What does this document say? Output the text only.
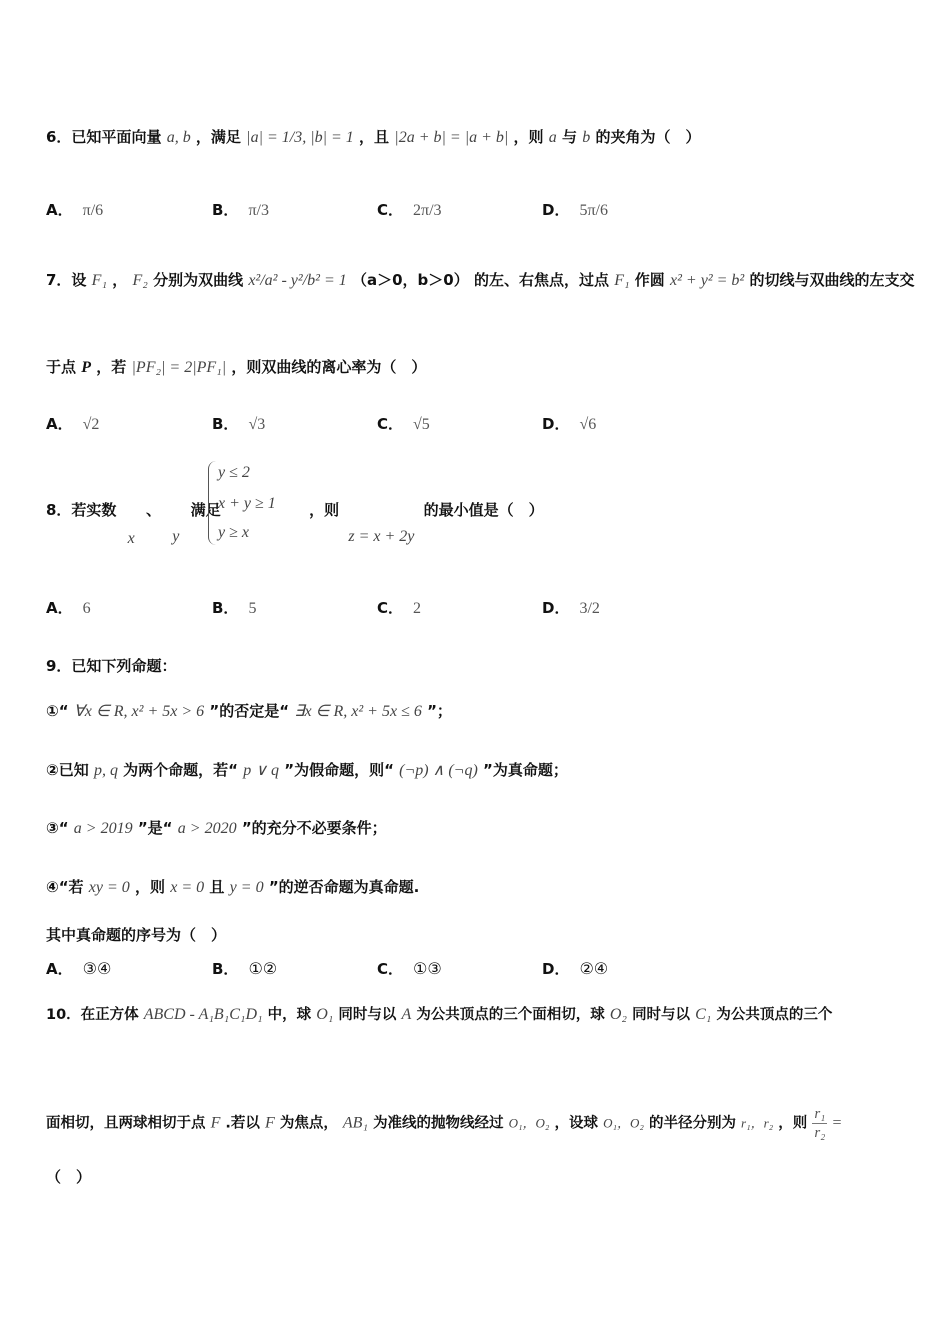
6．已知平面向量 a, b ，满足 |a| = 1/3, |b| = 1 ，且 |2a + b| = |a + b| ，则 a 与 b 的夹角为（　）
A． π/6	B． π/3	C． 2π/3	D． 5π/6
7．设 F₁ ， F₂ 分别为双曲线 x²/a² - y²/b² = 1 （a＞0，b＞0） 的左、右焦点，过点 F₁ 作圆 x² + y² = b² 的切线与双曲线的左支交
于点 P ，若 |PF₂| = 2|PF₁| ，则双曲线的离心率为（　）
A． √2	B． √3	C． √5	D． √6
8．若实数 x 、 y 满足	，则 z = x + 2y 的最小值是（　）
y ≤ 2
x + y ≥ 1
y ≥ x
A． 6	B． 5	C． 2	D． 3/2
9．已知下列命题：
①“ ∀x ∈ R, x² + 5x > 6 ”的否定是“ ∃x ∈ R, x² + 5x ≤ 6 ”；
②已知 p, q 为两个命题，若“ p ∨ q ”为假命题，则“ (¬p) ∧ (¬q) ”为真命题；
③“ a > 2019 ”是“ a > 2020 ”的充分不必要条件；
④“若 xy = 0 ，则 x = 0 且 y = 0 ”的逆否命题为真命题.
其中真命题的序号为（　）
A． ③④	B． ①②	C． ①③	D． ②④
10．在正方体 ABCD - A₁B₁C₁D₁ 中，球 O₁ 同时与以 A 为公共顶点的三个面相切，球 O₂ 同时与以 C₁ 为公共顶点的三个
面相切，且两球相切于点 F .若以 F 为焦点， AB₁ 为准线的抛物线经过 O₁，O₂ ，设球 O₁，O₂ 的半径分别为 r₁，r₂ ，则 $\frac{\text{r₁}}{\text{r₂}}$ =
（　）
